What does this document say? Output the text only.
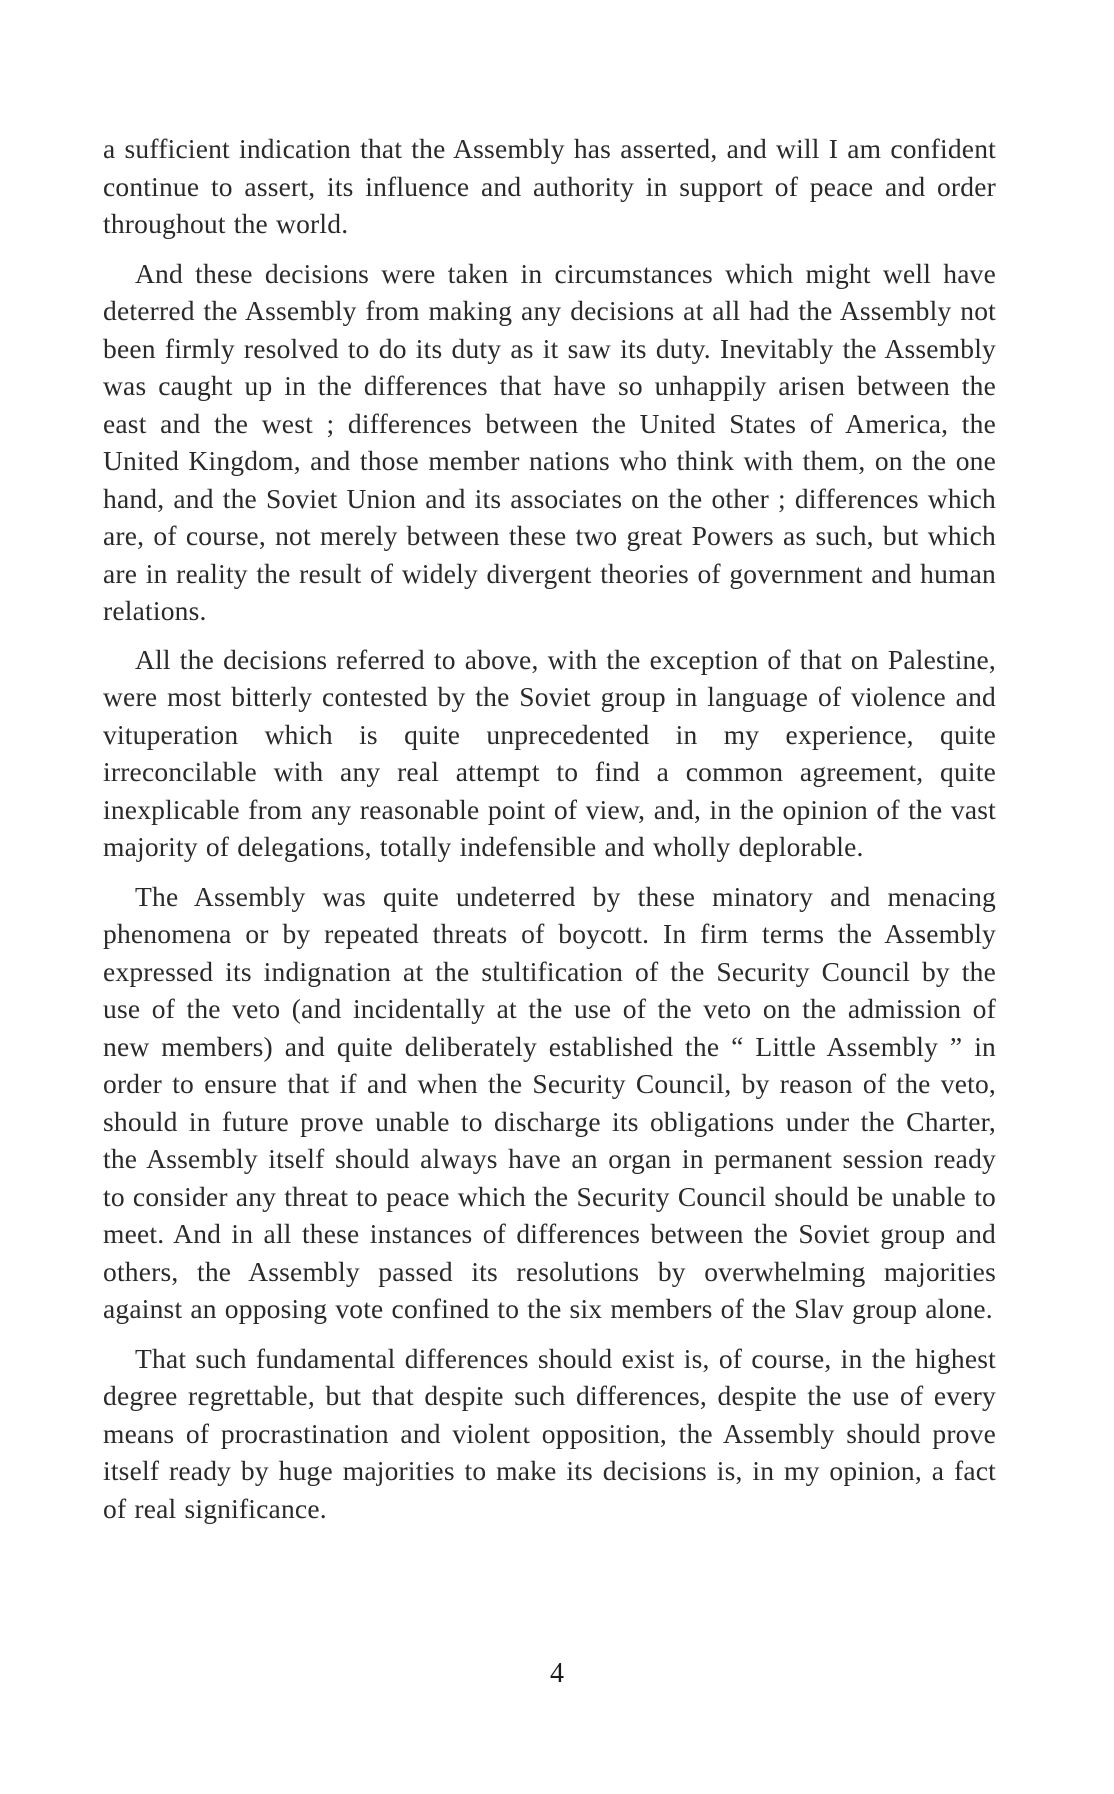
a sufficient indication that the Assembly has asserted, and will I am confident continue to assert, its influence and authority in support of peace and order throughout the world.

And these decisions were taken in circumstances which might well have deterred the Assembly from making any decisions at all had the Assembly not been firmly resolved to do its duty as it saw its duty. Inevitably the Assembly was caught up in the differences that have so unhappily arisen between the east and the west ; differences between the United States of America, the United Kingdom, and those member nations who think with them, on the one hand, and the Soviet Union and its associates on the other ; differences which are, of course, not merely between these two great Powers as such, but which are in reality the result of widely divergent theories of government and human relations.

All the decisions referred to above, with the exception of that on Palestine, were most bitterly contested by the Soviet group in language of violence and vituperation which is quite unprecedented in my experience, quite irreconcilable with any real attempt to find a common agreement, quite inexplicable from any reasonable point of view, and, in the opinion of the vast majority of delegations, totally indefensible and wholly deplorable.

The Assembly was quite undeterred by these minatory and menacing phenomena or by repeated threats of boycott. In firm terms the Assembly expressed its indignation at the stultification of the Security Council by the use of the veto (and incidentally at the use of the veto on the admission of new members) and quite deliberately established the “ Little Assembly ” in order to ensure that if and when the Security Council, by reason of the veto, should in future prove unable to discharge its obligations under the Charter, the Assembly itself should always have an organ in permanent session ready to consider any threat to peace which the Security Council should be unable to meet. And in all these instances of differences between the Soviet group and others, the Assembly passed its resolutions by overwhelming majorities against an opposing vote confined to the six members of the Slav group alone.

That such fundamental differences should exist is, of course, in the highest degree regrettable, but that despite such differences, despite the use of every means of procrastination and violent opposition, the Assembly should prove itself ready by huge majorities to make its decisions is, in my opinion, a fact of real significance.

4
